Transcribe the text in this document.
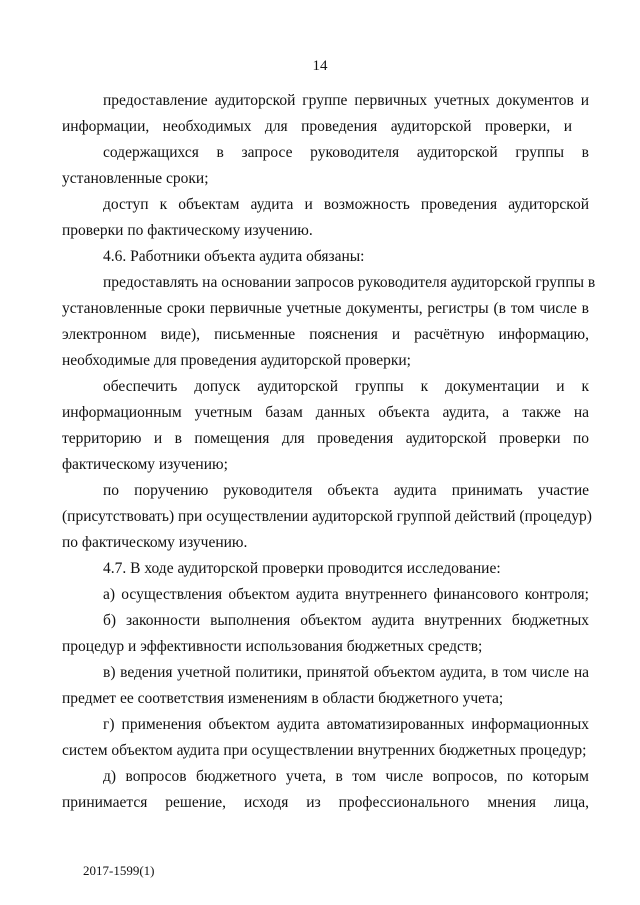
14
предоставление аудиторской группе первичных учетных документов и
информации, необходимых для проведения аудиторской проверки, и
содержащихся в запросе руководителя аудиторской группы в
установленные сроки;
доступ к объектам аудита и возможность проведения аудиторской
проверки по фактическому изучению.
4.6. Работники объекта аудита обязаны:
предоставлять на основании запросов руководителя аудиторской группы в
установленные сроки первичные учетные документы, регистры (в том числе в
электронном виде), письменные пояснения и расчётную информацию,
необходимые для проведения аудиторской проверки;
обеспечить допуск аудиторской группы к документации и к
информационным учетным базам данных объекта аудита, а также на
территорию и в помещения для проведения аудиторской проверки по
фактическому изучению;
по поручению руководителя объекта аудита принимать участие
(присутствовать) при осуществлении аудиторской группой действий (процедур)
по фактическому изучению.
4.7. В ходе аудиторской проверки проводится исследование:
а) осуществления объектом аудита внутреннего финансового контроля;
б) законности выполнения объектом аудита внутренних бюджетных
процедур и эффективности использования бюджетных средств;
в) ведения учетной политики, принятой объектом аудита, в том числе на
предмет ее соответствия изменениям в области бюджетного учета;
г) применения объектом аудита автоматизированных информационных
систем объектом аудита при осуществлении внутренних бюджетных процедур;
д) вопросов бюджетного учета, в том числе вопросов, по которым
принимается решение, исходя из профессионального мнения лица,
2017-1599(1)
